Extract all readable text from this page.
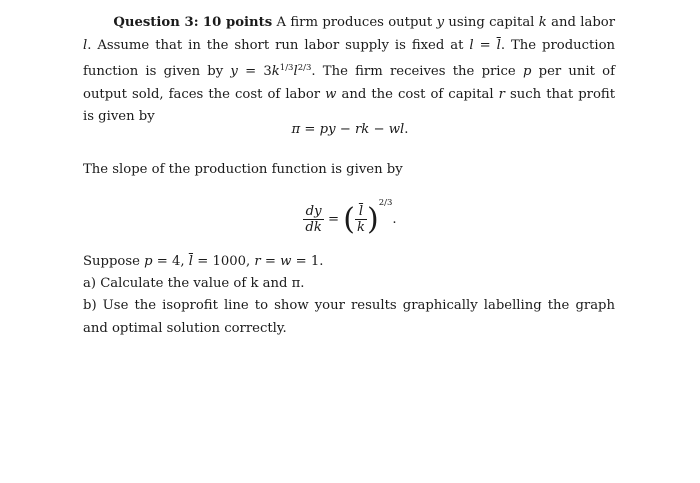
Question 3: 10 points A firm produces output y using capital k and labor l. Assume that in the short run labor supply is fixed at $l = \overline{l}$. The production function is given by $y = 3k^{1/3}l^{2/3}$. The firm receives the price p per unit of output sold, faces the cost of labor w and the cost of capital r such that profit is given by
π = py − rk − wl.
The slope of the production function is given by
$\frac{dy}{dk}$ = ( $\frac{\overline{l}}{k} )^{2/3}$.
Suppose p = 4, $\overline{l} = 1000$, r = w = 1.
a) Calculate the value of k and π.
b) Use the isoprofit line to show your results graphically labelling the graph and optimal solution correctly.
